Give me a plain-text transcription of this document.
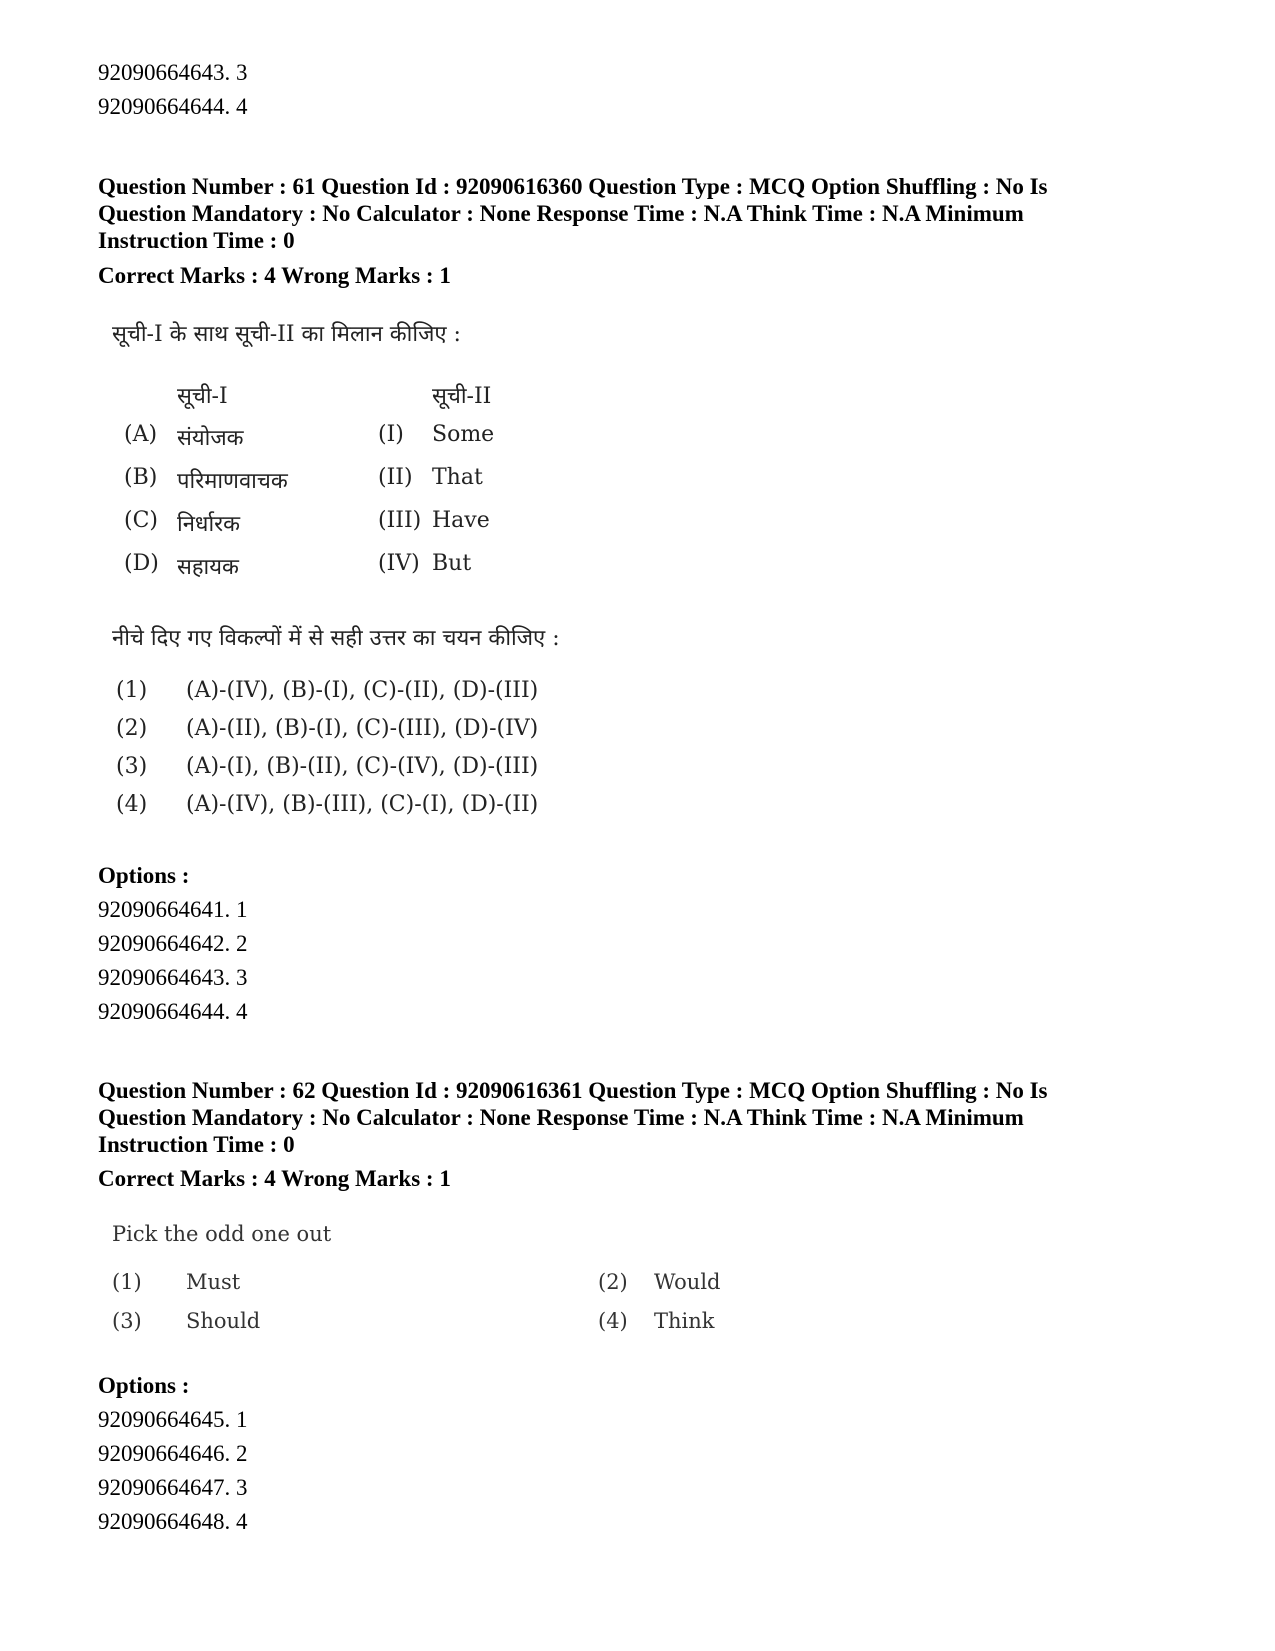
92090664643. 3
92090664644. 4
Question Number : 61 Question Id : 92090616360 Question Type : MCQ Option Shuffling : No Is
Question Mandatory : No Calculator : None Response Time : N.A Think Time : N.A Minimum
Instruction Time : 0
Correct Marks : 4 Wrong Marks : 1
सूची-I के साथ सूची-II का मिलान कीजिए :
सूची-I	सूची-II
(A) संयोजक	(I) Some
(B) परिमाणवाचक	(II) That
(C) निर्धारक	(III) Have
(D) सहायक	(IV) But
नीचे दिए गए विकल्पों में से सही उत्तर का चयन कीजिए :
(1) (A)-(IV), (B)-(I), (C)-(II), (D)-(III)
(2) (A)-(II), (B)-(I), (C)-(III), (D)-(IV)
(3) (A)-(I), (B)-(II), (C)-(IV), (D)-(III)
(4) (A)-(IV), (B)-(III), (C)-(I), (D)-(II)
Options :
92090664641. 1
92090664642. 2
92090664643. 3
92090664644. 4
Question Number : 62 Question Id : 92090616361 Question Type : MCQ Option Shuffling : No Is
Question Mandatory : No Calculator : None Response Time : N.A Think Time : N.A Minimum
Instruction Time : 0
Correct Marks : 4 Wrong Marks : 1
Pick the odd one out
(1) Must	(2) Would
(3) Should	(4) Think
Options :
92090664645. 1
92090664646. 2
92090664647. 3
92090664648. 4
